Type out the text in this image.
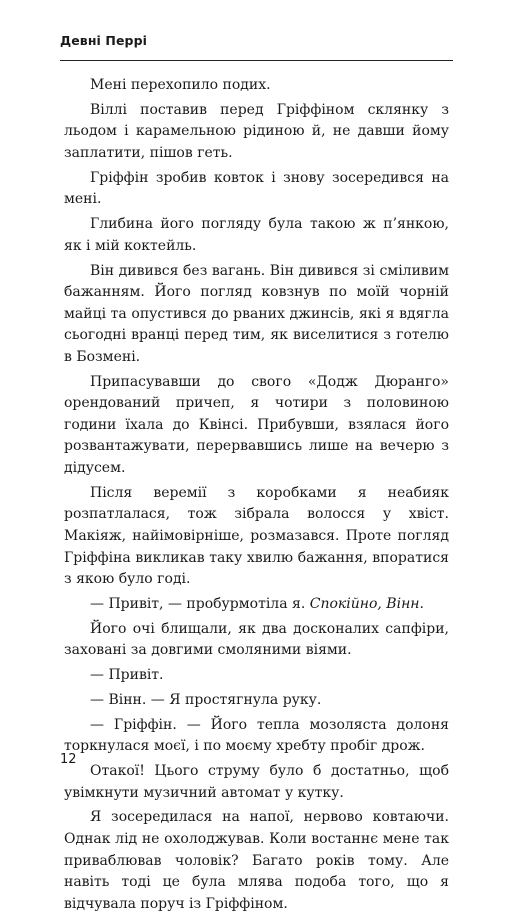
Девні Перрі

Мені перехопило подих.

Віллі поставив перед Гріффіном склянку з льодом і карамельною рідиною й, не давши йому заплатити, пішов геть.

Гріффін зробив ковток і знову зосередився на мені.

Глибина його погляду була такою ж п’янкою, як і мій коктейль.

Він дивився без вагань. Він дивився зі сміливим бажанням. Його погляд ковзнув по моїй чорній майці та опустився до рваних джинсів, які я вдягла сьогодні вранці перед тим, як виселитися з готелю в Бозмені.

Припасувавши до свого «Додж Дюранго» орендований причеп, я чотири з половиною години їхала до Квінсі. Прибувши, взялася його розвантажувати, перервавшись лише на вечерю з дідусем.

Після веремії з коробками я неабияк розпатлалася, тож зібрала волосся у хвіст. Макіяж, найімовірніше, розмазався. Проте погляд Гріффіна викликав таку хвилю бажання, впоратися з якою було годі.

— Привіт, — пробурмотіла я. Спокійно, Вінн.

Його очі блищали, як два досконалих сапфіри, заховані за довгими смоляними віями.

— Привіт.

— Вінн. — Я простягнула руку.

— Гріффін. — Його тепла мозоляста долоня торкнулася моєї, і по моєму хребту пробіг дрож.

Отакої! Цього струму було б достатньо, щоб увімкнути музичний автомат у кутку.

Я зосередилася на напої, нервово ковтаючи. Однак лід не охолоджував. Коли востаннє мене так приваблював чоловік? Багато років тому. Але навіть тоді це була млява подоба того, що я відчувала поруч із Гріффіном.

12
